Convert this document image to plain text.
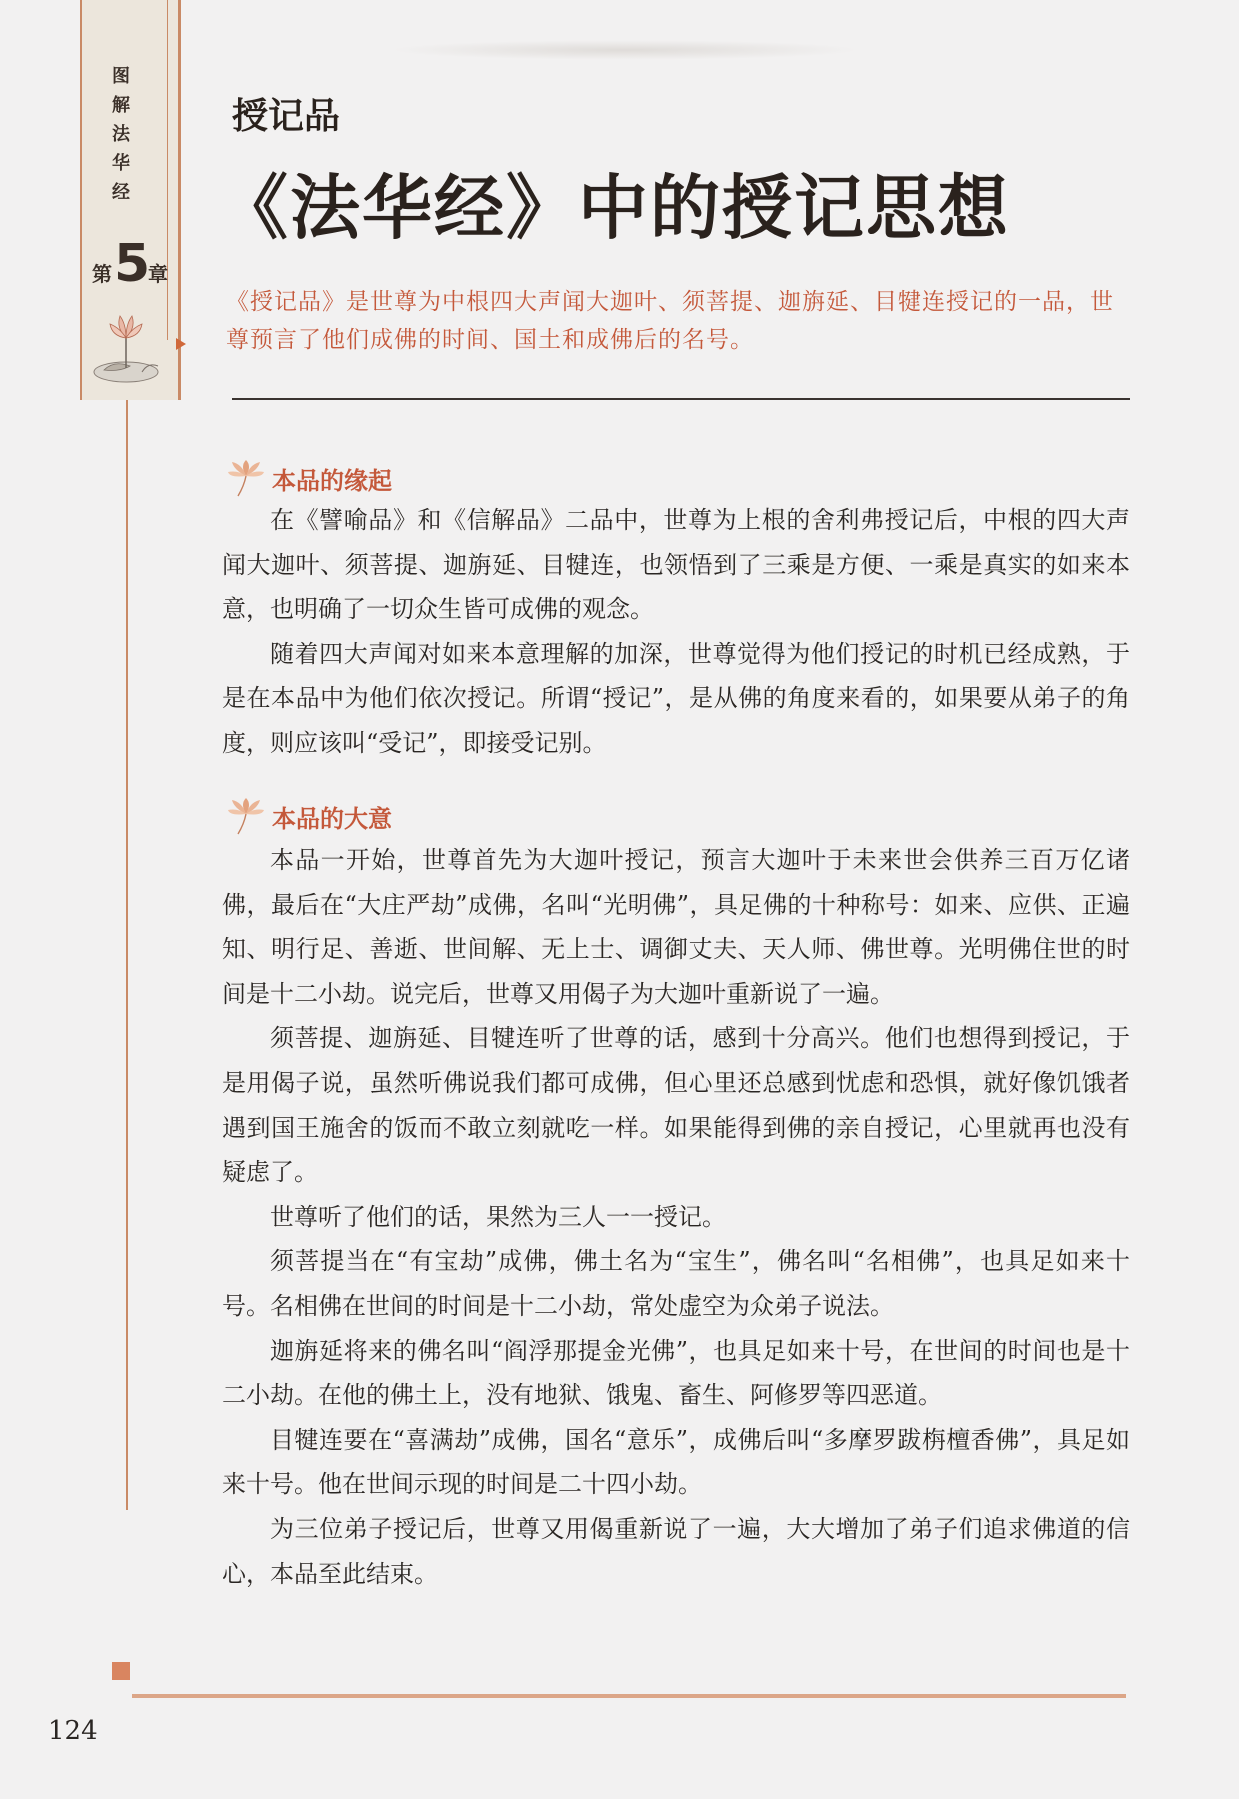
图
解
法
华
经
第 5
章
授记品
《法华经》中的授记思想
《授记品》是世尊为中根四大声闻大迦叶、须菩提、迦旃延、目犍连授记的一品，世尊预言了他们成佛的时间、国土和成佛后的名号。
本品的缘起

在《譬喻品》和《信解品》二品中，世尊为上根的舍利弗授记后，中根的四大声闻大迦叶、须菩提、迦旃延、目犍连，也领悟到了三乘是方便、一乘是真实的如来本意，也明确了一切众生皆可成佛的观念。

随着四大声闻对如来本意理解的加深，世尊觉得为他们授记的时机已经成熟，于是在本品中为他们依次授记。所谓“授记”，是从佛的角度来看的，如果要从弟子的角度，则应该叫“受记”，即接受记别。

本品的大意

本品一开始，世尊首先为大迦叶授记，预言大迦叶于未来世会供养三百万亿诸佛，最后在“大庄严劫”成佛，名叫“光明佛”，具足佛的十种称号：如来、应供、正遍知、明行足、善逝、世间解、无上士、调御丈夫、天人师、佛世尊。光明佛住世的时间是十二小劫。说完后，世尊又用偈子为大迦叶重新说了一遍。

须菩提、迦旃延、目犍连听了世尊的话，感到十分高兴。他们也想得到授记，于是用偈子说，虽然听佛说我们都可成佛，但心里还总感到忧虑和恐惧，就好像饥饿者遇到国王施舍的饭而不敢立刻就吃一样。如果能得到佛的亲自授记，心里就再也没有疑虑了。

世尊听了他们的话，果然为三人一一授记。

须菩提当在“有宝劫”成佛，佛土名为“宝生”，佛名叫“名相佛”，也具足如来十号。名相佛在世间的时间是十二小劫，常处虚空为众弟子说法。

迦旃延将来的佛名叫“阎浮那提金光佛”，也具足如来十号，在世间的时间也是十二小劫。在他的佛土上，没有地狱、饿鬼、畜生、阿修罗等四恶道。

目犍连要在“喜满劫”成佛，国名“意乐”，成佛后叫“多摩罗跋栴檀香佛”，具足如来十号。他在世间示现的时间是二十四小劫。

为三位弟子授记后，世尊又用偈重新说了一遍，大大增加了弟子们追求佛道的信心，本品至此结束。

124
